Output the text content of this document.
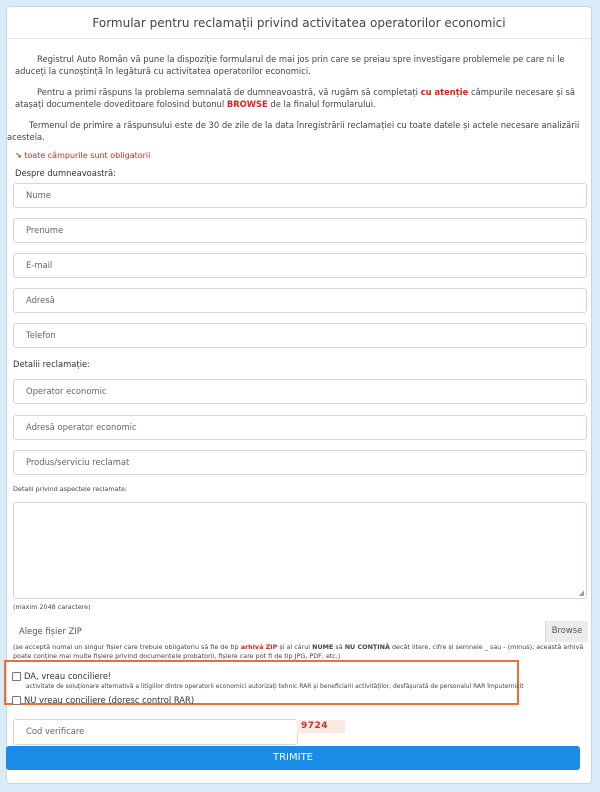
Formular pentru reclamații privind activitatea operatorilor economici

Registrul Auto Român vă pune la dispoziție formularul de mai jos prin care se preiau spre investigare problemele pe care ni le aduceți la cunoștință în legătură cu activitatea operatorilor economici.

Pentru a primi răspuns la problema semnalată de dumneavoastră, vă rugăm să completați cu atenție câmpurile necesare și să atașați documentele doveditoare folosind butonul BROWSE de la finalul formularului.

Termenul de primire a răspunsului este de 30 de zile de la data înregistrării reclamației cu toate datele și actele necesare analizării acesteia.

↘ toate câmpurile sunt obligatorii
Despre dumneavoastră:
Nume
Prenume
E-mail
Adresă
Telefon
Detalii reclamație:
Operator economic
Adresă operator economic
Produs/serviciu reclamat
Detalii privind aspectele reclamate:
◢
(maxim 2048 caractere)
Alege fișier ZIP	Browse
(se acceptă numai un singur fișier care trebuie obligatoriu să fie de tip arhivă ZIP și al cărui NUME să NU CONȚINĂ decât litere, cifre și semnele _ sau - (minus); această arhivă poate conține mai multe fișiere privind documentele probatorii, fișiere care pot fi de tip JPG, PDF, etc.)
DA, vreau conciliere!
activitate de soluționare alternativă a litigiilor dintre operatorii economici autorizați tehnic RAR și beneficiarii activităților, desfășurată de personalul RAR împuternicit
NU vreau conciliere (doresc control RAR)
Cod verificare	9724
TRIMITE
